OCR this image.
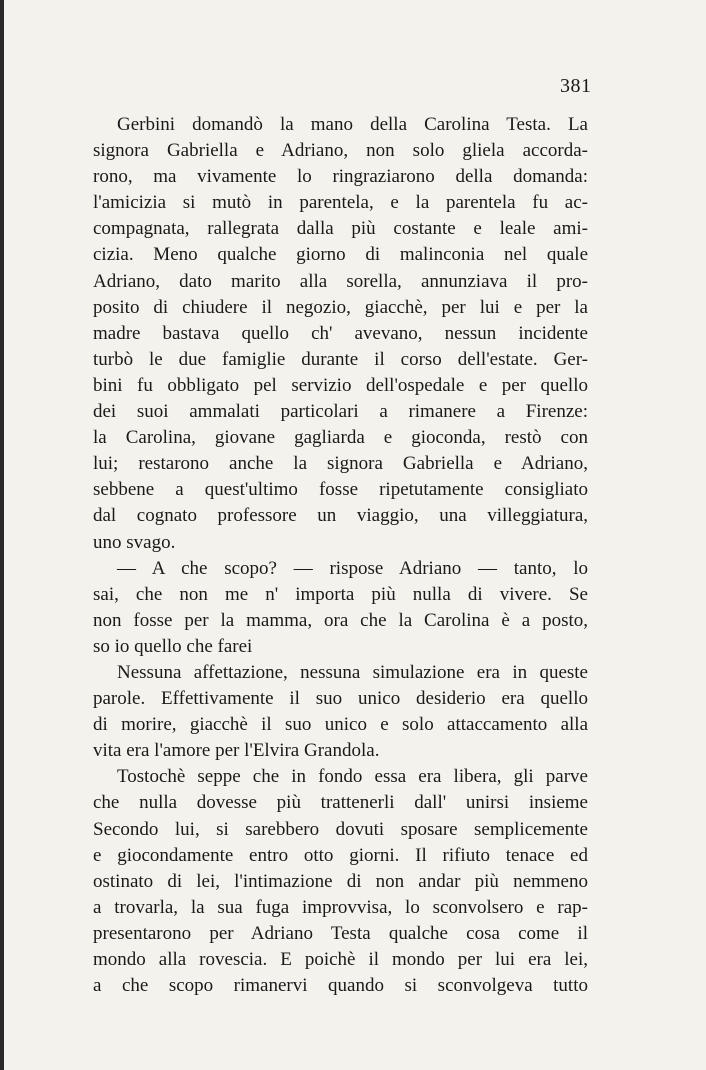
381
Gerbini domandò la mano della Carolina Testa. La
signora Gabriella e Adriano, non solo gliela accorda-
rono, ma vivamente lo ringraziarono della domanda:
l'amicizia si mutò in parentela, e la parentela fu ac-
compagnata, rallegrata dalla più costante e leale ami-
cizia. Meno qualche giorno di malinconia nel quale
Adriano, dato marito alla sorella, annunziava il pro-
posito di chiudere il negozio, giacchè, per lui e per la
madre bastava quello ch' avevano, nessun incidente
turbò le due famiglie durante il corso dell'estate. Ger-
bini fu obbligato pel servizio dell'ospedale e per quello
dei suoi ammalati particolari a rimanere a Firenze:
la Carolina, giovane gagliarda e gioconda, restò con
lui; restarono anche la signora Gabriella e Adriano,
sebbene a quest'ultimo fosse ripetutamente consigliato
dal cognato professore un viaggio, una villeggiatura,
uno svago.
— A che scopo? — rispose Adriano — tanto, lo
sai, che non me n' importa più nulla di vivere. Se
non fosse per la mamma, ora che la Carolina è a posto,
so io quello che farei
Nessuna affettazione, nessuna simulazione era in queste
parole. Effettivamente il suo unico desiderio era quello
di morire, giacchè il suo unico e solo attaccamento alla
vita era l'amore per l'Elvira Grandola.
Tostochè seppe che in fondo essa era libera, gli parve
che nulla dovesse più trattenerli dall' unirsi insieme
Secondo lui, si sarebbero dovuti sposare semplicemente
e giocondamente entro otto giorni. Il rifiuto tenace ed
ostinato di lei, l'intimazione di non andar più nemmeno
a trovarla, la sua fuga improvvisa, lo sconvolsero e rap-
presentarono per Adriano Testa qualche cosa come il
mondo alla rovescia. E poichè il mondo per lui era lei,
a che scopo rimanervi quando si sconvolgeva tutto
